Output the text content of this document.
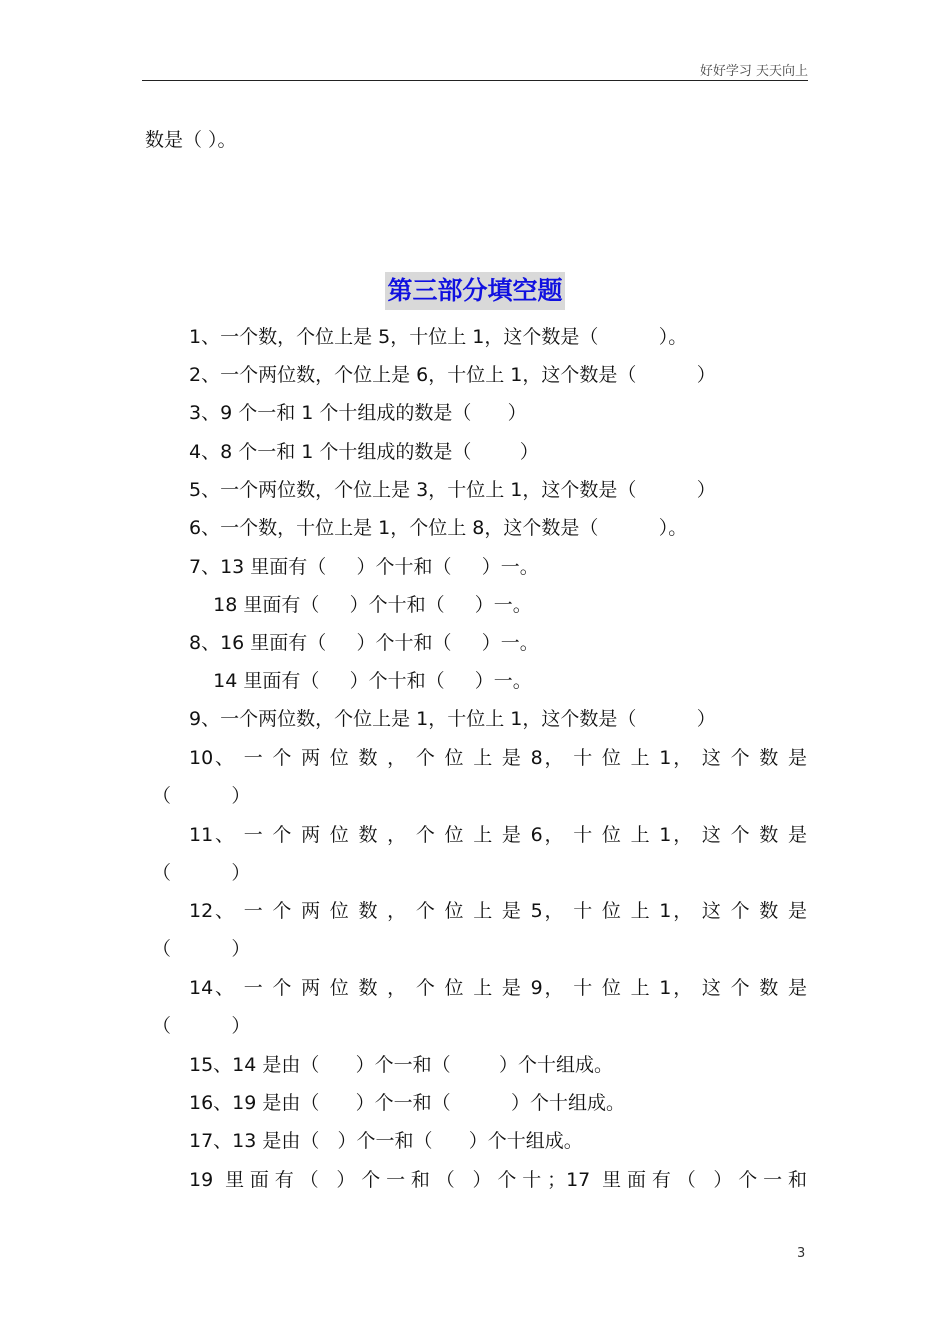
好好学习 天天向上
数是（ ）。
第三部分填空题
1、一个数，个位上是 5，十位上 1，这个数是（          ）。
2、一个两位数，个位上是 6，十位上 1，这个数是（          ）
3、9 个一和 1 个十组成的数是（      ）
4、8 个一和 1 个十组成的数是（        ）
5、一个两位数，个位上是 3，十位上 1，这个数是（          ）
6、一个数，十位上是 1，个位上 8，这个数是（          ）。
7、13 里面有（     ）个十和（     ）一。
18 里面有（     ）个十和（     ）一。
8、16 里面有（     ）个十和（     ）一。
14 里面有（     ）个十和（     ）一。
9、一个两位数，个位上是 1，十位上 1，这个数是（          ）
10、 一 个 两 位 数 ， 个 位 上 是 8， 十 位 上 1， 这 个 数 是
（          ）
11、 一 个 两 位 数 ， 个 位 上 是 6， 十 位 上 1， 这 个 数 是
（          ）
12、 一 个 两 位 数 ， 个 位 上 是 5， 十 位 上 1， 这 个 数 是
（          ）
14、 一 个 两 位 数 ， 个 位 上 是 9， 十 位 上 1， 这 个 数 是
（          ）
15、14 是由（      ）个一和（        ）个十组成。
16、19 是由（      ）个一和（          ）个十组成。
17、13 是由（   ）个一和（      ）个十组成。
19 里面有（ ）个一和（ ）个十；17 里面有（ ）个一和
3
